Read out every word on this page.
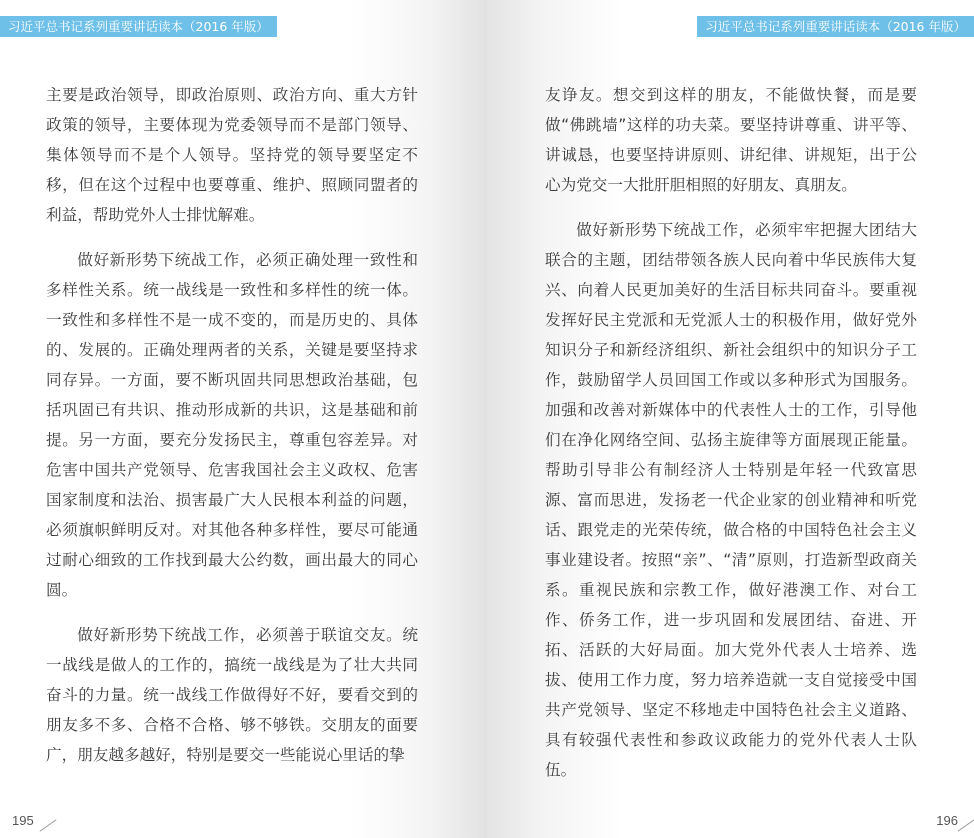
习近平总书记系列重要讲话读本（2016 年版）

主要是政治领导，即政治原则、政治方向、重大方针政策的领导，主要体现为党委领导而不是部门领导、集体领导而不是个人领导。坚持党的领导要坚定不移，但在这个过程中也要尊重、维护、照顾同盟者的利益，帮助党外人士排忧解难。

做好新形势下统战工作，必须正确处理一致性和多样性关系。统一战线是一致性和多样性的统一体。一致性和多样性不是一成不变的，而是历史的、具体的、发展的。正确处理两者的关系，关键是要坚持求同存异。一方面，要不断巩固共同思想政治基础，包括巩固已有共识、推动形成新的共识，这是基础和前提。另一方面，要充分发扬民主，尊重包容差异。对危害中国共产党领导、危害我国社会主义政权、危害国家制度和法治、损害最广大人民根本利益的问题，必须旗帜鲜明反对。对其他各种多样性，要尽可能通过耐心细致的工作找到最大公约数，画出最大的同心圆。

做好新形势下统战工作，必须善于联谊交友。统一战线是做人的工作的，搞统一战线是为了壮大共同奋斗的力量。统一战线工作做得好不好，要看交到的朋友多不多、合格不合格、够不够铁。交朋友的面要广，朋友越多越好，特别是要交一些能说心里话的挚

195
习近平总书记系列重要讲话读本（2016 年版）

友诤友。想交到这样的朋友，不能做快餐，而是要做“佛跳墙”这样的功夫菜。要坚持讲尊重、讲平等、讲诚恳，也要坚持讲原则、讲纪律、讲规矩，出于公心为党交一大批肝胆相照的好朋友、真朋友。

做好新形势下统战工作，必须牢牢把握大团结大联合的主题，团结带领各族人民向着中华民族伟大复兴、向着人民更加美好的生活目标共同奋斗。要重视发挥好民主党派和无党派人士的积极作用，做好党外知识分子和新经济组织、新社会组织中的知识分子工作，鼓励留学人员回国工作或以多种形式为国服务。加强和改善对新媒体中的代表性人士的工作，引导他们在净化网络空间、弘扬主旋律等方面展现正能量。帮助引导非公有制经济人士特别是年轻一代致富思源、富而思进，发扬老一代企业家的创业精神和听党话、跟党走的光荣传统，做合格的中国特色社会主义事业建设者。按照“亲”、“清”原则，打造新型政商关系。重视民族和宗教工作，做好港澳工作、对台工作、侨务工作，进一步巩固和发展团结、奋进、开拓、活跃的大好局面。加大党外代表人士培养、选拔、使用工作力度，努力培养造就一支自觉接受中国共产党领导、坚定不移地走中国特色社会主义道路、具有较强代表性和参政议政能力的党外代表人士队伍。

196
